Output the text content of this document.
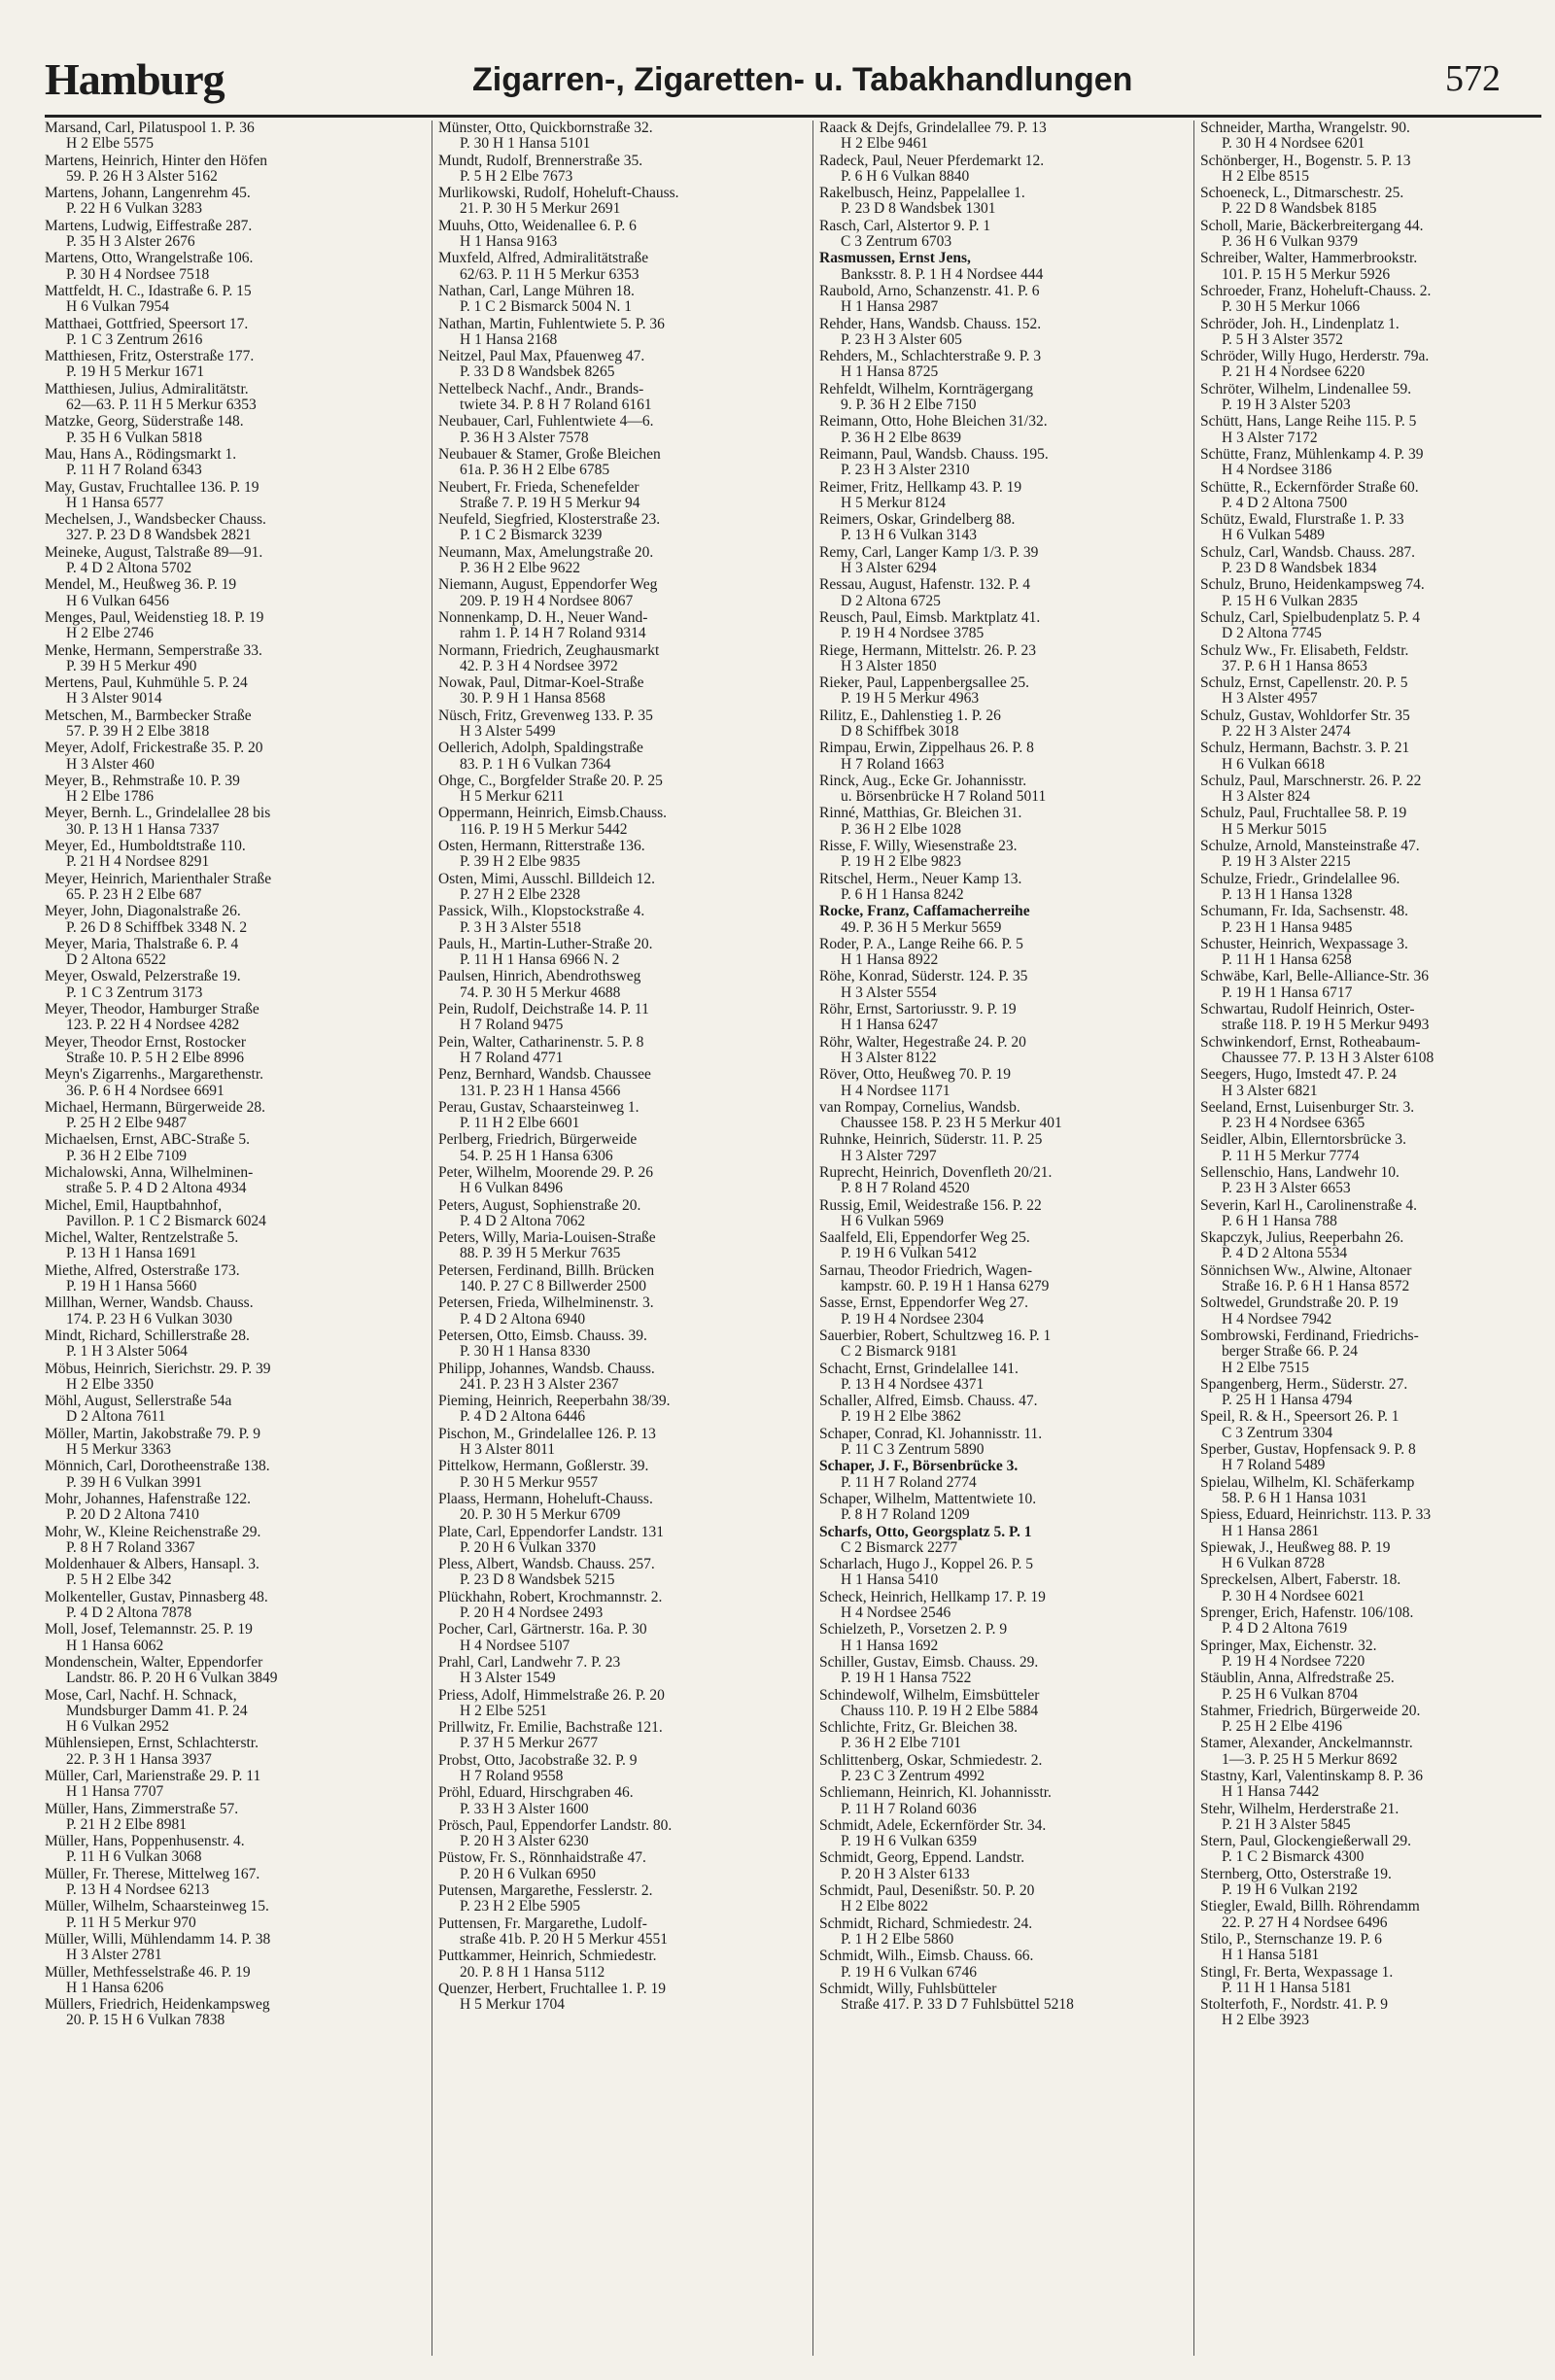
Hamburg	Zigarren-, Zigaretten- u. Tabakhandlungen	572
Marsand, Carl, Pilatuspool 1. P. 36
H 2 Elbe 5575
Martens, Heinrich, Hinter den Höfen
59. P. 26 H 3 Alster 5162
Martens, Johann, Langenrehm 45.
P. 22 H 6 Vulkan 3283
Martens, Ludwig, Eiffestraße 287.
P. 35 H 3 Alster 2676
Martens, Otto, Wrangelstraße 106.
P. 30 H 4 Nordsee 7518
Mattfeldt, H. C., Idastraße 6. P. 15
H 6 Vulkan 7954
Matthaei, Gottfried, Speersort 17.
P. 1 C 3 Zentrum 2616
Matthiesen, Fritz, Osterstraße 177.
P. 19 H 5 Merkur 1671
Matthiesen, Julius, Admiralitätstr.
62—63. P. 11 H 5 Merkur 6353
Matzke, Georg, Süderstraße 148.
P. 35 H 6 Vulkan 5818
Mau, Hans A., Rödingsmarkt 1.
P. 11 H 7 Roland 6343
May, Gustav, Fruchtallee 136. P. 19
H 1 Hansa 6577
Mechelsen, J., Wandsbecker Chauss.
327. P. 23 D 8 Wandsbek 2821
Meineke, August, Talstraße 89—91.
P. 4 D 2 Altona 5702
Mendel, M., Heußweg 36. P. 19
H 6 Vulkan 6456
Menges, Paul, Weidenstieg 18. P. 19
H 2 Elbe 2746
Menke, Hermann, Semperstraße 33.
P. 39 H 5 Merkur 490
Mertens, Paul, Kuhmühle 5. P. 24
H 3 Alster 9014
Metschen, M., Barmbecker Straße
57. P. 39 H 2 Elbe 3818
Meyer, Adolf, Frickestraße 35. P. 20
H 3 Alster 460
Meyer, B., Rehmstraße 10. P. 39
H 2 Elbe 1786
Meyer, Bernh. L., Grindelallee 28 bis
30. P. 13 H 1 Hansa 7337
Meyer, Ed., Humboldtstraße 110.
P. 21 H 4 Nordsee 8291
Meyer, Heinrich, Marienthaler Straße
65. P. 23 H 2 Elbe 687
Meyer, John, Diagonalstraße 26.
P. 26 D 8 Schiffbek 3348 N. 2
Meyer, Maria, Thalstraße 6. P. 4
D 2 Altona 6522
Meyer, Oswald, Pelzerstraße 19.
P. 1 C 3 Zentrum 3173
Meyer, Theodor, Hamburger Straße
123. P. 22 H 4 Nordsee 4282
Meyer, Theodor Ernst, Rostocker
Straße 10. P. 5 H 2 Elbe 8996
Meyn's Zigarrenhs., Margarethenstr.
36. P. 6 H 4 Nordsee 6691
Michael, Hermann, Bürgerweide 28.
P. 25 H 2 Elbe 9487
Michaelsen, Ernst, ABC-Straße 5.
P. 36 H 2 Elbe 7109
Michalowski, Anna, Wilhelminen-
straße 5. P. 4 D 2 Altona 4934
Michel, Emil, Hauptbahnhof,
Pavillon. P. 1 C 2 Bismarck 6024
Michel, Walter, Rentzelstraße 5.
P. 13 H 1 Hansa 1691
Miethe, Alfred, Osterstraße 173.
P. 19 H 1 Hansa 5660
Millhan, Werner, Wandsb. Chauss.
174. P. 23 H 6 Vulkan 3030
Mindt, Richard, Schillerstraße 28.
P. 1 H 3 Alster 5064
Möbus, Heinrich, Sierichstr. 29. P. 39
H 2 Elbe 3350
Möhl, August, Sellerstraße 54a
D 2 Altona 7611
Möller, Martin, Jakobstraße 79. P. 9
H 5 Merkur 3363
Mönnich, Carl, Dorotheenstraße 138.
P. 39 H 6 Vulkan 3991
Mohr, Johannes, Hafenstraße 122.
P. 20 D 2 Altona 7410
Mohr, W., Kleine Reichenstraße 29.
P. 8 H 7 Roland 3367
Moldenhauer & Albers, Hansapl. 3.
P. 5 H 2 Elbe 342
Molkenteller, Gustav, Pinnasberg 48.
P. 4 D 2 Altona 7878
Moll, Josef, Telemannstr. 25. P. 19
H 1 Hansa 6062
Mondenschein, Walter, Eppendorfer
Landstr. 86. P. 20 H 6 Vulkan 3849
Mose, Carl, Nachf. H. Schnack,
Mundsburger Damm 41. P. 24
H 6 Vulkan 2952
Mühlensiepen, Ernst, Schlachterstr.
22. P. 3 H 1 Hansa 3937
Müller, Carl, Marienstraße 29. P. 11
H 1 Hansa 7707
Müller, Hans, Zimmerstraße 57.
P. 21 H 2 Elbe 8981
Müller, Hans, Poppenhusenstr. 4.
P. 11 H 6 Vulkan 3068
Müller, Fr. Therese, Mittelweg 167.
P. 13 H 4 Nordsee 6213
Müller, Wilhelm, Schaarsteinweg 15.
P. 11 H 5 Merkur 970
Müller, Willi, Mühlendamm 14. P. 38
H 3 Alster 2781
Müller, Methfesselstraße 46. P. 19
H 1 Hansa 6206
Müllers, Friedrich, Heidenkampsweg
20. P. 15 H 6 Vulkan 7838
Münster, Otto, Quickbornstraße 32.
P. 30 H 1 Hansa 5101
Mundt, Rudolf, Brennerstraße 35.
P. 5 H 2 Elbe 7673
Murlikowski, Rudolf, Hoheluft-Chauss.
21. P. 30 H 5 Merkur 2691
Muuhs, Otto, Weidenallee 6. P. 6
H 1 Hansa 9163
Muxfeld, Alfred, Admiralitätstraße
62/63. P. 11 H 5 Merkur 6353
Nathan, Carl, Lange Mühren 18.
P. 1 C 2 Bismarck 5004 N. 1
Nathan, Martin, Fuhlentwiete 5. P. 36
H 1 Hansa 2168
Neitzel, Paul Max, Pfauenweg 47.
P. 33 D 8 Wandsbek 8265
Nettelbeck Nachf., Andr., Brands-
twiete 34. P. 8 H 7 Roland 6161
Neubauer, Carl, Fuhlentwiete 4—6.
P. 36 H 3 Alster 7578
Neubauer & Stamer, Große Bleichen
61a. P. 36 H 2 Elbe 6785
Neubert, Fr. Frieda, Schenefelder
Straße 7. P. 19 H 5 Merkur 94
Neufeld, Siegfried, Klosterstraße 23.
P. 1 C 2 Bismarck 3239
Neumann, Max, Amelungstraße 20.
P. 36 H 2 Elbe 9622
Niemann, August, Eppendorfer Weg
209. P. 19 H 4 Nordsee 8067
Nonnenkamp, D. H., Neuer Wand-
rahm 1. P. 14 H 7 Roland 9314
Normann, Friedrich, Zeughausmarkt
42. P. 3 H 4 Nordsee 3972
Nowak, Paul, Ditmar-Koel-Straße
30. P. 9 H 1 Hansa 8568
Nüsch, Fritz, Grevenweg 133. P. 35
H 3 Alster 5499
Oellerich, Adolph, Spaldingstraße
83. P. 1 H 6 Vulkan 7364
Ohge, C., Borgfelder Straße 20. P. 25
H 5 Merkur 6211
Oppermann, Heinrich, Eimsb.Chauss.
116. P. 19 H 5 Merkur 5442
Osten, Hermann, Ritterstraße 136.
P. 39 H 2 Elbe 9835
Osten, Mimi, Ausschl. Billdeich 12.
P. 27 H 2 Elbe 2328
Passick, Wilh., Klopstockstraße 4.
P. 3 H 3 Alster 5518
Pauls, H., Martin-Luther-Straße 20.
P. 11 H 1 Hansa 6966 N. 2
Paulsen, Hinrich, Abendrothsweg
74. P. 30 H 5 Merkur 4688
Pein, Rudolf, Deichstraße 14. P. 11
H 7 Roland 9475
Pein, Walter, Catharinenstr. 5. P. 8
H 7 Roland 4771
Penz, Bernhard, Wandsb. Chaussee
131. P. 23 H 1 Hansa 4566
Perau, Gustav, Schaarsteinweg 1.
P. 11 H 2 Elbe 6601
Perlberg, Friedrich, Bürgerweide
54. P. 25 H 1 Hansa 6306
Peter, Wilhelm, Moorende 29. P. 26
H 6 Vulkan 8496
Peters, August, Sophienstraße 20.
P. 4 D 2 Altona 7062
Peters, Willy, Maria-Louisen-Straße
88. P. 39 H 5 Merkur 7635
Petersen, Ferdinand, Billh. Brücken
140. P. 27 C 8 Billwerder 2500
Petersen, Frieda, Wilhelminenstr. 3.
P. 4 D 2 Altona 6940
Petersen, Otto, Eimsb. Chauss. 39.
P. 30 H 1 Hansa 8330
Philipp, Johannes, Wandsb. Chauss.
241. P. 23 H 3 Alster 2367
Pieming, Heinrich, Reeperbahn 38/39.
P. 4 D 2 Altona 6446
Pischon, M., Grindelallee 126. P. 13
H 3 Alster 8011
Pittelkow, Hermann, Goßlerstr. 39.
P. 30 H 5 Merkur 9557
Plaass, Hermann, Hoheluft-Chauss.
20. P. 30 H 5 Merkur 6709
Plate, Carl, Eppendorfer Landstr. 131
P. 20 H 6 Vulkan 3370
Pless, Albert, Wandsb. Chauss. 257.
P. 23 D 8 Wandsbek 5215
Plückhahn, Robert, Krochmannstr. 2.
P. 20 H 4 Nordsee 2493
Pocher, Carl, Gärtnerstr. 16a. P. 30
H 4 Nordsee 5107
Prahl, Carl, Landwehr 7. P. 23
H 3 Alster 1549
Priess, Adolf, Himmelstraße 26. P. 20
H 2 Elbe 5251
Prillwitz, Fr. Emilie, Bachstraße 121.
P. 37 H 5 Merkur 2677
Probst, Otto, Jacobstraße 32. P. 9
H 7 Roland 9558
Pröhl, Eduard, Hirschgraben 46.
P. 33 H 3 Alster 1600
Prösch, Paul, Eppendorfer Landstr. 80.
P. 20 H 3 Alster 6230
Püstow, Fr. S., Rönnhaidstraße 47.
P. 20 H 6 Vulkan 6950
Putensen, Margarethe, Fesslerstr. 2.
P. 23 H 2 Elbe 5905
Puttensen, Fr. Margarethe, Ludolf-
straße 41b. P. 20 H 5 Merkur 4551
Puttkammer, Heinrich, Schmiedestr.
20. P. 8 H 1 Hansa 5112
Quenzer, Herbert, Fruchtallee 1. P. 19
H 5 Merkur 1704
Raack & Dejfs, Grindelallee 79. P. 13
H 2 Elbe 9461
Radeck, Paul, Neuer Pferdemarkt 12.
P. 6 H 6 Vulkan 8840
Rakelbusch, Heinz, Pappelallee 1.
P. 23 D 8 Wandsbek 1301
Rasch, Carl, Alstertor 9. P. 1
C 3 Zentrum 6703
Rasmussen, Ernst Jens,
Banksstr. 8. P. 1 H 4 Nordsee 444
Raubold, Arno, Schanzenstr. 41. P. 6
H 1 Hansa 2987
Rehder, Hans, Wandsb. Chauss. 152.
P. 23 H 3 Alster 605
Rehders, M., Schlachterstraße 9. P. 3
H 1 Hansa 8725
Rehfeldt, Wilhelm, Kornträgergang
9. P. 36 H 2 Elbe 7150
Reimann, Otto, Hohe Bleichen 31/32.
P. 36 H 2 Elbe 8639
Reimann, Paul, Wandsb. Chauss. 195.
P. 23 H 3 Alster 2310
Reimer, Fritz, Hellkamp 43. P. 19
H 5 Merkur 8124
Reimers, Oskar, Grindelberg 88.
P. 13 H 6 Vulkan 3143
Remy, Carl, Langer Kamp 1/3. P. 39
H 3 Alster 6294
Ressau, August, Hafenstr. 132. P. 4
D 2 Altona 6725
Reusch, Paul, Eimsb. Marktplatz 41.
P. 19 H 4 Nordsee 3785
Riege, Hermann, Mittelstr. 26. P. 23
H 3 Alster 1850
Rieker, Paul, Lappenbergsallee 25.
P. 19 H 5 Merkur 4963
Rilitz, E., Dahlenstieg 1. P. 26
D 8 Schiffbek 3018
Rimpau, Erwin, Zippelhaus 26. P. 8
H 7 Roland 1663
Rinck, Aug., Ecke Gr. Johannisstr.
u. Börsenbrücke H 7 Roland 5011
Rinné, Matthias, Gr. Bleichen 31.
P. 36 H 2 Elbe 1028
Risse, F. Willy, Wiesenstraße 23.
P. 19 H 2 Elbe 9823
Ritschel, Herm., Neuer Kamp 13.
P. 6 H 1 Hansa 8242
Rocke, Franz, Caffamacherreihe
49. P. 36 H 5 Merkur 5659
Roder, P. A., Lange Reihe 66. P. 5
H 1 Hansa 8922
Röhe, Konrad, Süderstr. 124. P. 35
H 3 Alster 5554
Röhr, Ernst, Sartoriusstr. 9. P. 19
H 1 Hansa 6247
Röhr, Walter, Hegestraße 24. P. 20
H 3 Alster 8122
Röver, Otto, Heußweg 70. P. 19
H 4 Nordsee 1171
van Rompay, Cornelius, Wandsb.
Chaussee 158. P. 23 H 5 Merkur 401
Ruhnke, Heinrich, Süderstr. 11. P. 25
H 3 Alster 7297
Ruprecht, Heinrich, Dovenfleth 20/21.
P. 8 H 7 Roland 4520
Russig, Emil, Weidestraße 156. P. 22
H 6 Vulkan 5969
Saalfeld, Eli, Eppendorfer Weg 25.
P. 19 H 6 Vulkan 5412
Sarnau, Theodor Friedrich, Wagen-
kampstr. 60. P. 19 H 1 Hansa 6279
Sasse, Ernst, Eppendorfer Weg 27.
P. 19 H 4 Nordsee 2304
Sauerbier, Robert, Schultzweg 16. P. 1
C 2 Bismarck 9181
Schacht, Ernst, Grindelallee 141.
P. 13 H 4 Nordsee 4371
Schaller, Alfred, Eimsb. Chauss. 47.
P. 19 H 2 Elbe 3862
Schaper, Conrad, Kl. Johannisstr. 11.
P. 11 C 3 Zentrum 5890
Schaper, J. F., Börsenbrücke 3.
P. 11 H 7 Roland 2774
Schaper, Wilhelm, Mattentwiete 10.
P. 8 H 7 Roland 1209
Scharfs, Otto, Georgsplatz 5. P. 1
C 2 Bismarck 2277
Scharlach, Hugo J., Koppel 26. P. 5
H 1 Hansa 5410
Scheck, Heinrich, Hellkamp 17. P. 19
H 4 Nordsee 2546
Schielzeth, P., Vorsetzen 2. P. 9
H 1 Hansa 1692
Schiller, Gustav, Eimsb. Chauss. 29.
P. 19 H 1 Hansa 7522
Schindewolf, Wilhelm, Eimsbütteler
Chauss 110. P. 19 H 2 Elbe 5884
Schlichte, Fritz, Gr. Bleichen 38.
P. 36 H 2 Elbe 7101
Schlittenberg, Oskar, Schmiedestr. 2.
P. 23 C 3 Zentrum 4992
Schliemann, Heinrich, Kl. Johannisstr.
P. 11 H 7 Roland 6036
Schmidt, Adele, Eckernförder Str. 34.
P. 19 H 6 Vulkan 6359
Schmidt, Georg, Eppend. Landstr.
P. 20 H 3 Alster 6133
Schmidt, Paul, Desenißstr. 50. P. 20
H 2 Elbe 8022
Schmidt, Richard, Schmiedestr. 24.
P. 1 H 2 Elbe 5860
Schmidt, Wilh., Eimsb. Chauss. 66.
P. 19 H 6 Vulkan 6746
Schmidt, Willy, Fuhlsbütteler
Straße 417. P. 33 D 7 Fuhlsbüttel 5218
Schneider, Martha, Wrangelstr. 90.
P. 30 H 4 Nordsee 6201
Schönberger, H., Bogenstr. 5. P. 13
H 2 Elbe 8515
Schoeneck, L., Ditmarschestr. 25.
P. 22 D 8 Wandsbek 8185
Scholl, Marie, Bäckerbreitergang 44.
P. 36 H 6 Vulkan 9379
Schreiber, Walter, Hammerbrookstr.
101. P. 15 H 5 Merkur 5926
Schroeder, Franz, Hoheluft-Chauss. 2.
P. 30 H 5 Merkur 1066
Schröder, Joh. H., Lindenplatz 1.
P. 5 H 3 Alster 3572
Schröder, Willy Hugo, Herderstr. 79a.
P. 21 H 4 Nordsee 6220
Schröter, Wilhelm, Lindenallee 59.
P. 19 H 3 Alster 5203
Schütt, Hans, Lange Reihe 115. P. 5
H 3 Alster 7172
Schütte, Franz, Mühlenkamp 4. P. 39
H 4 Nordsee 3186
Schütte, R., Eckernförder Straße 60.
P. 4 D 2 Altona 7500
Schütz, Ewald, Flurstraße 1. P. 33
H 6 Vulkan 5489
Schulz, Carl, Wandsb. Chauss. 287.
P. 23 D 8 Wandsbek 1834
Schulz, Bruno, Heidenkampsweg 74.
P. 15 H 6 Vulkan 2835
Schulz, Carl, Spielbudenplatz 5. P. 4
D 2 Altona 7745
Schulz Ww., Fr. Elisabeth, Feldstr.
37. P. 6 H 1 Hansa 8653
Schulz, Ernst, Capellenstr. 20. P. 5
H 3 Alster 4957
Schulz, Gustav, Wohldorfer Str. 35
P. 22 H 3 Alster 2474
Schulz, Hermann, Bachstr. 3. P. 21
H 6 Vulkan 6618
Schulz, Paul, Marschnerstr. 26. P. 22
H 3 Alster 824
Schulz, Paul, Fruchtallee 58. P. 19
H 5 Merkur 5015
Schulze, Arnold, Mansteinstraße 47.
P. 19 H 3 Alster 2215
Schulze, Friedr., Grindelallee 96.
P. 13 H 1 Hansa 1328
Schumann, Fr. Ida, Sachsenstr. 48.
P. 23 H 1 Hansa 9485
Schuster, Heinrich, Wexpassage 3.
P. 11 H 1 Hansa 6258
Schwäbe, Karl, Belle-Alliance-Str. 36
P. 19 H 1 Hansa 6717
Schwartau, Rudolf Heinrich, Oster-
straße 118. P. 19 H 5 Merkur 9493
Schwinkendorf, Ernst, Rotheabaum-
Chaussee 77. P. 13 H 3 Alster 6108
Seegers, Hugo, Imstedt 47. P. 24
H 3 Alster 6821
Seeland, Ernst, Luisenburger Str. 3.
P. 23 H 4 Nordsee 6365
Seidler, Albin, Ellerntorsbrücke 3.
P. 11 H 5 Merkur 7774
Sellenschio, Hans, Landwehr 10.
P. 23 H 3 Alster 6653
Severin, Karl H., Carolinenstraße 4.
P. 6 H 1 Hansa 788
Skapczyk, Julius, Reeperbahn 26.
P. 4 D 2 Altona 5534
Sönnichsen Ww., Alwine, Altonaer
Straße 16. P. 6 H 1 Hansa 8572
Soltwedel, Grundstraße 20. P. 19
H 4 Nordsee 7942
Sombrowski, Ferdinand, Friedrichs-
berger Straße 66. P. 24
H 2 Elbe 7515
Spangenberg, Herm., Süderstr. 27.
P. 25 H 1 Hansa 4794
Speil, R. & H., Speersort 26. P. 1
C 3 Zentrum 3304
Sperber, Gustav, Hopfensack 9. P. 8
H 7 Roland 5489
Spielau, Wilhelm, Kl. Schäferkamp
58. P. 6 H 1 Hansa 1031
Spiess, Eduard, Heinrichstr. 113. P. 33
H 1 Hansa 2861
Spiewak, J., Heußweg 88. P. 19
H 6 Vulkan 8728
Spreckelsen, Albert, Faberstr. 18.
P. 30 H 4 Nordsee 6021
Sprenger, Erich, Hafenstr. 106/108.
P. 4 D 2 Altona 7619
Springer, Max, Eichenstr. 32.
P. 19 H 4 Nordsee 7220
Stäublin, Anna, Alfredstraße 25.
P. 25 H 6 Vulkan 8704
Stahmer, Friedrich, Bürgerweide 20.
P. 25 H 2 Elbe 4196
Stamer, Alexander, Anckelmannstr.
1—3. P. 25 H 5 Merkur 8692
Stastny, Karl, Valentinskamp 8. P. 36
H 1 Hansa 7442
Stehr, Wilhelm, Herderstraße 21.
P. 21 H 3 Alster 5845
Stern, Paul, Glockengießerwall 29.
P. 1 C 2 Bismarck 4300
Sternberg, Otto, Osterstraße 19.
P. 19 H 6 Vulkan 2192
Stiegler, Ewald, Billh. Röhrendamm
22. P. 27 H 4 Nordsee 6496
Stilo, P., Sternschanze 19. P. 6
H 1 Hansa 5181
Stingl, Fr. Berta, Wexpassage 1.
P. 11 H 1 Hansa 5181
Stolterfoth, F., Nordstr. 41. P. 9
H 2 Elbe 3923
